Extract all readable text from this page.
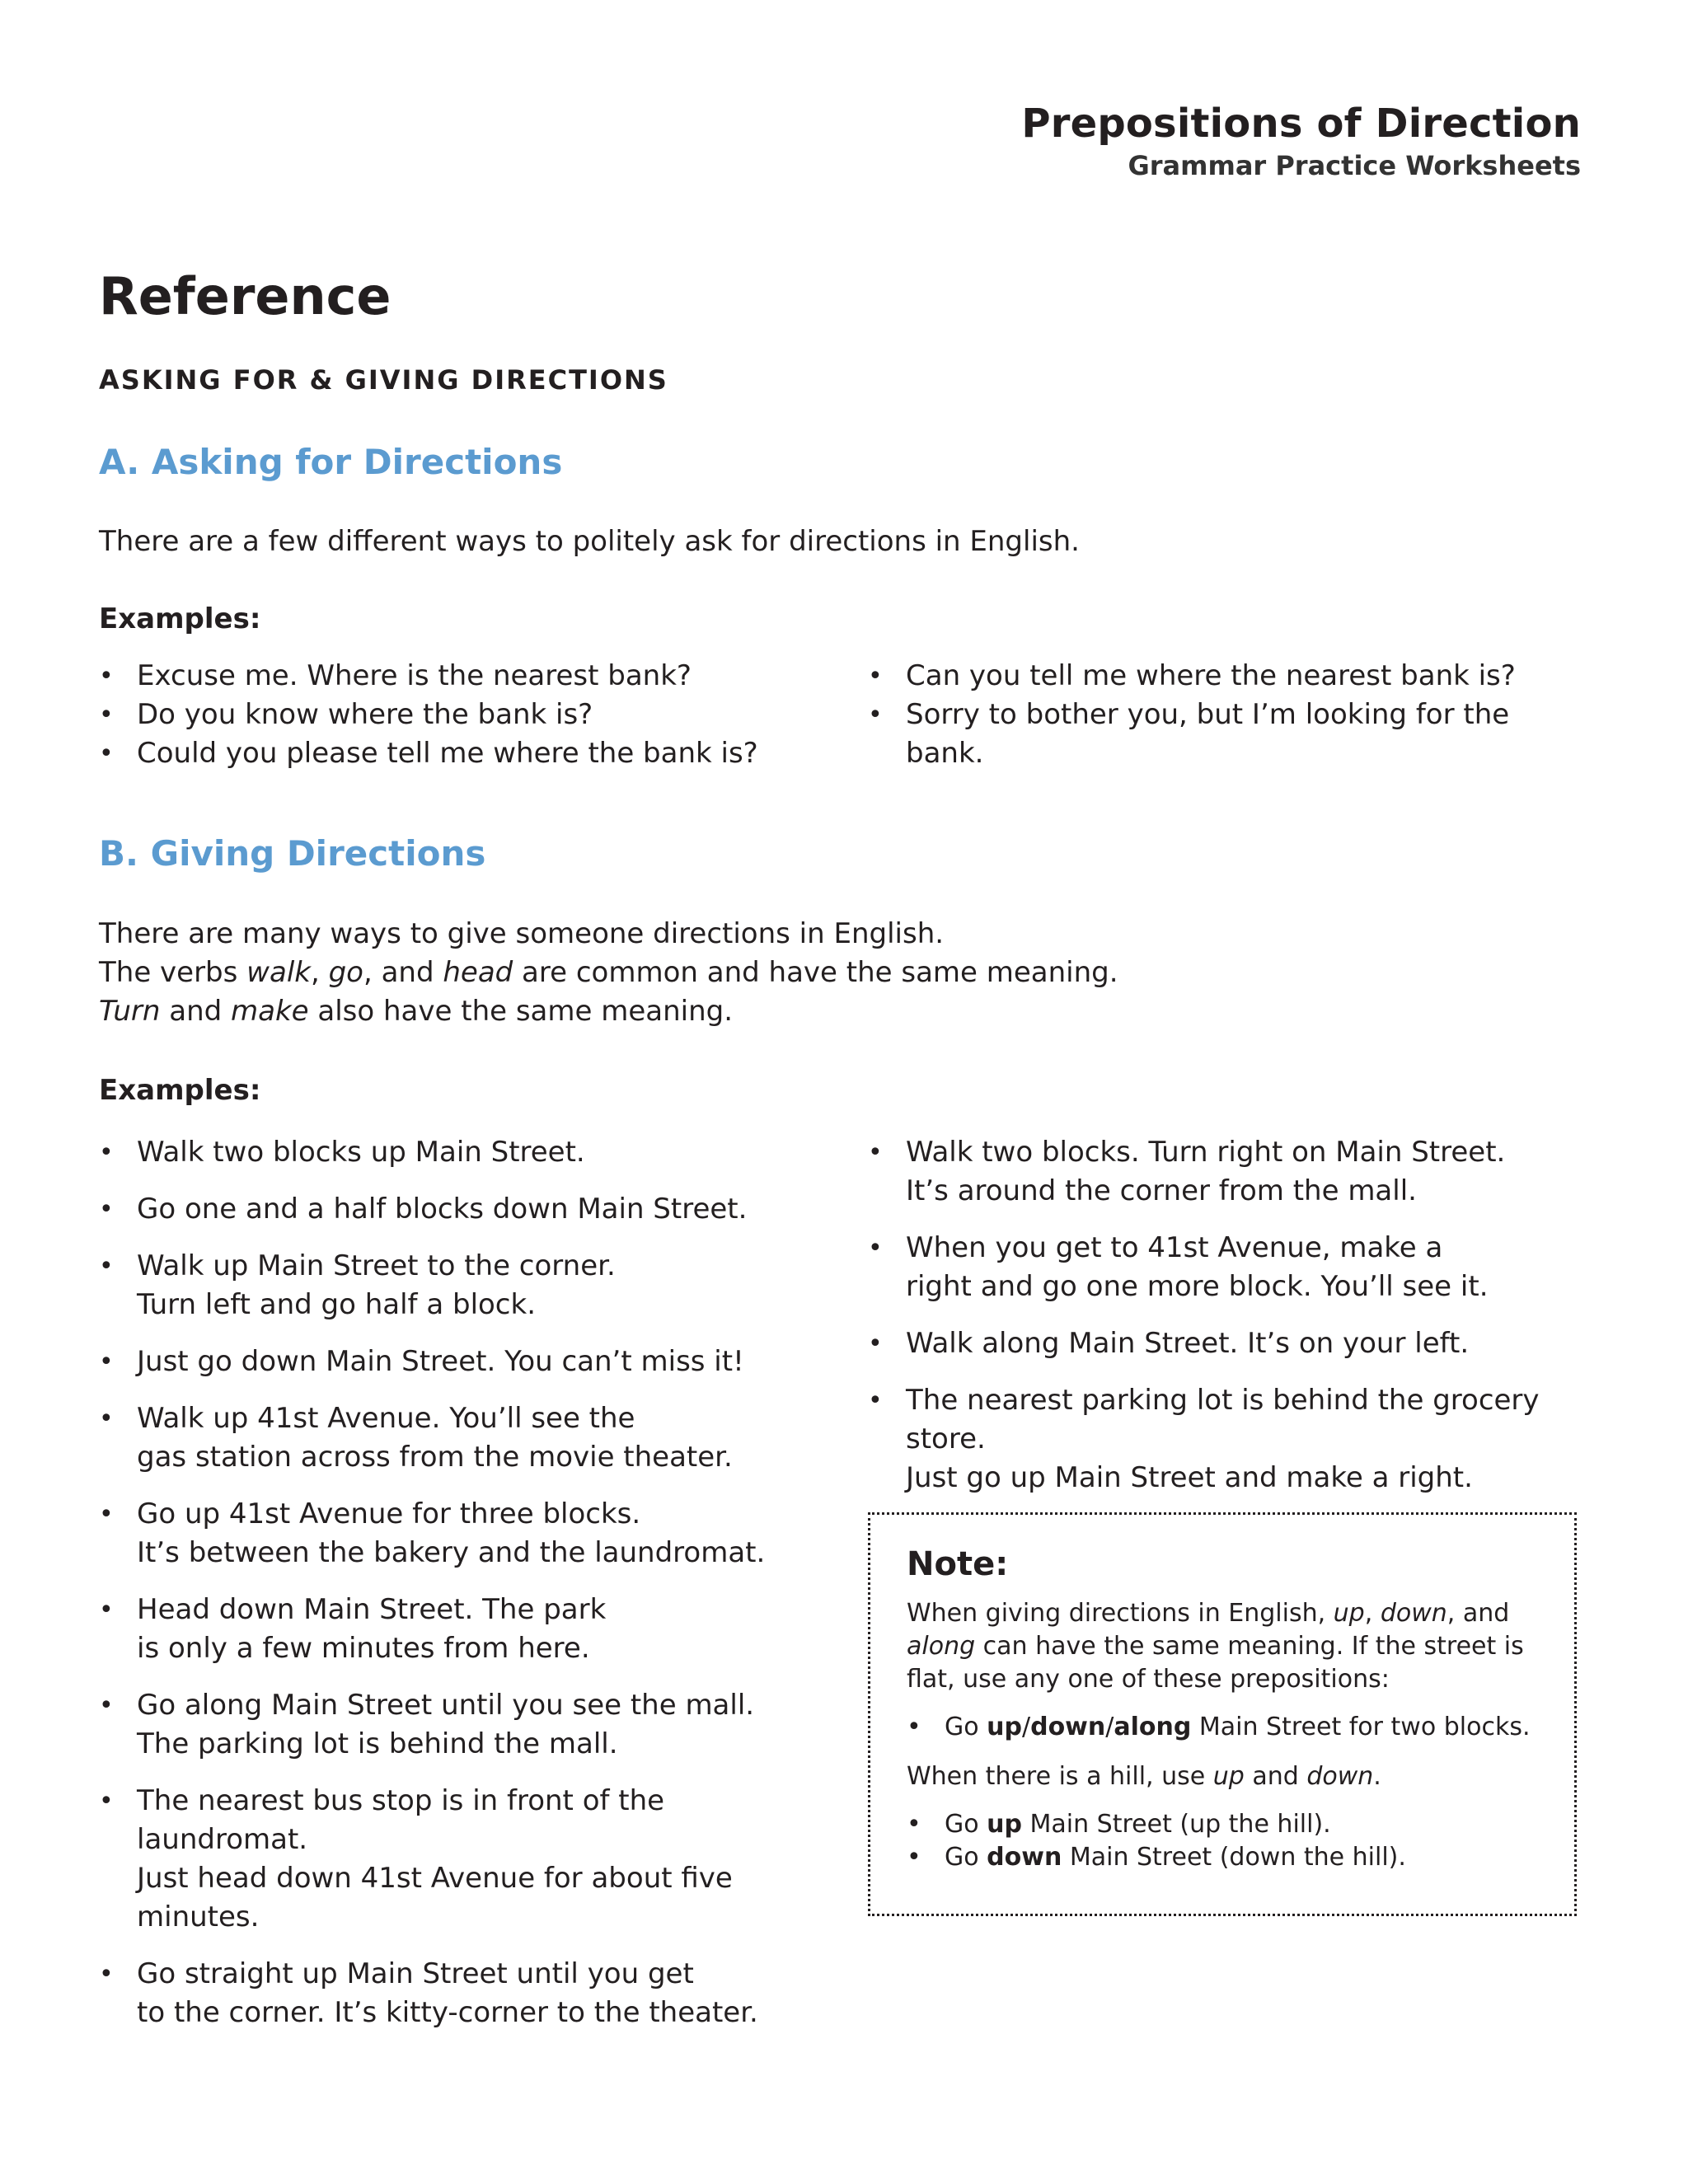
Prepositions of Direction
Grammar Practice Worksheets
Reference
ASKING FOR & GIVING DIRECTIONS
A. Asking for Directions
There are a few different ways to politely ask for directions in English.
Examples:
• Excuse me. Where is the nearest bank?
• Do you know where the bank is?
• Could you please tell me where the bank is?
• Can you tell me where the nearest bank is?
• Sorry to bother you, but I’m looking for the bank.
B. Giving Directions
There are many ways to give someone directions in English.
The verbs walk, go, and head are common and have the same meaning.
Turn and make also have the same meaning.
Examples:
• Walk two blocks up Main Street.
• Go one and a half blocks down Main Street.
• Walk up Main Street to the corner.
Turn left and go half a block.
• Just go down Main Street. You can’t miss it!
• Walk up 41st Avenue. You’ll see the
gas station across from the movie theater.
• Go up 41st Avenue for three blocks.
It’s between the bakery and the laundromat.
• Head down Main Street. The park
is only a few minutes from here.
• Go along Main Street until you see the mall.
The parking lot is behind the mall.
• The nearest bus stop is in front of the laundromat.
Just head down 41st Avenue for about five minutes.
• Go straight up Main Street until you get
to the corner. It’s kitty-corner to the theater.
• Walk two blocks. Turn right on Main Street.
It’s around the corner from the mall.
• When you get to 41st Avenue, make a
right and go one more block. You’ll see it.
• Walk along Main Street. It’s on your left.
• The nearest parking lot is behind the grocery store.
Just go up Main Street and make a right.
Note:
When giving directions in English, up, down, and
along can have the same meaning. If the street is flat, use any one of these prepositions:
• Go up/down/along Main Street for two blocks.
When there is a hill, use up and down.
• Go up Main Street (up the hill).
• Go down Main Street (down the hill).
